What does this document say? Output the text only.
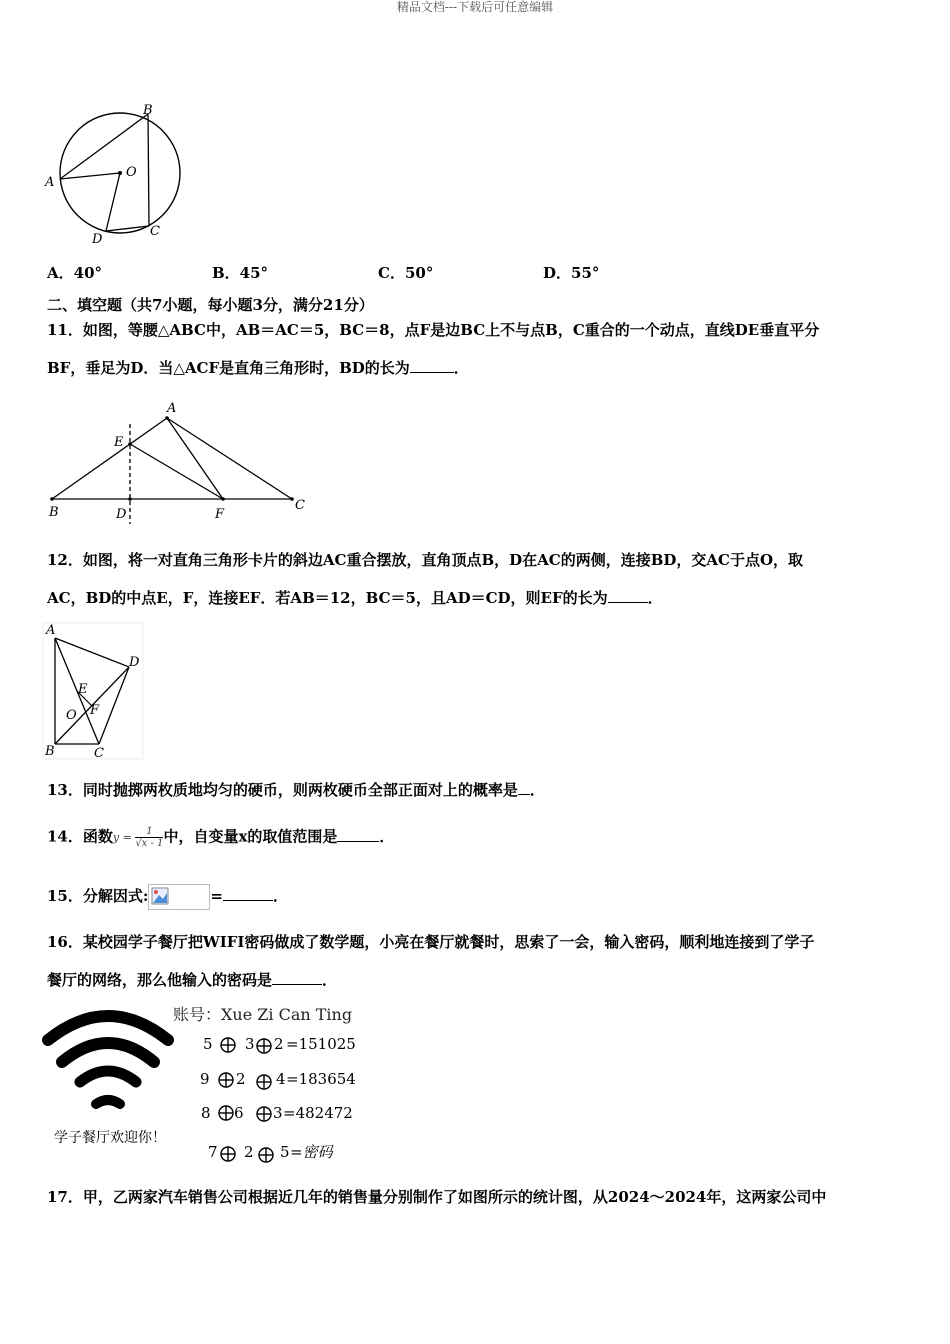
精品文档---下载后可任意编辑
B
O
A
D
C
A．40°	B．45°	C．50°	D．55°
二、填空题（共7小题，每小题3分，满分21分）
11．如图，等腰△ABC中，AB＝AC＝5，BC＝8，点F是边BC上不与点B，C重合的一个动点，直线DE垂直平分
BF，垂足为D．当△ACF是直角三角形时，BD的长为	．
A
E
B	D	F
C
12．如图，将一对直角三角形卡片的斜边AC重合摆放，直角顶点B，D在AC的两侧，连接BD，交AC于点O，取
AC，BD的中点E，F，连接EF．若AB＝12，BC＝5，且AD＝CD，则EF的长为	．
A
D
E
F
O
B	C
13．同时抛掷两枚质地均匀的硬币，则两枚硬币全部正面对上的概率是 ．
14．函数$y = \frac{1}{√x - 1}$ 中，自变量x的取值范围是	．
15．分解因式:	=	．
16．某校园学子餐厅把WIFI密码做成了数学题，小亮在餐厅就餐时，思索了一会，输入密码，顺利地连接到了学子
餐厅的网络，那么他输入的密码是	．
学子餐厅欢迎你！
账号：Xue Zi Can Ting
5 3 2 =151025
9 2 4 =183654
8 6 3 =482472
7 2 5 =密码
17．甲，乙两家汽车销售公司根据近几年的销售量分别制作了如图所示的统计图，从2024～2024年，这两家公司中
